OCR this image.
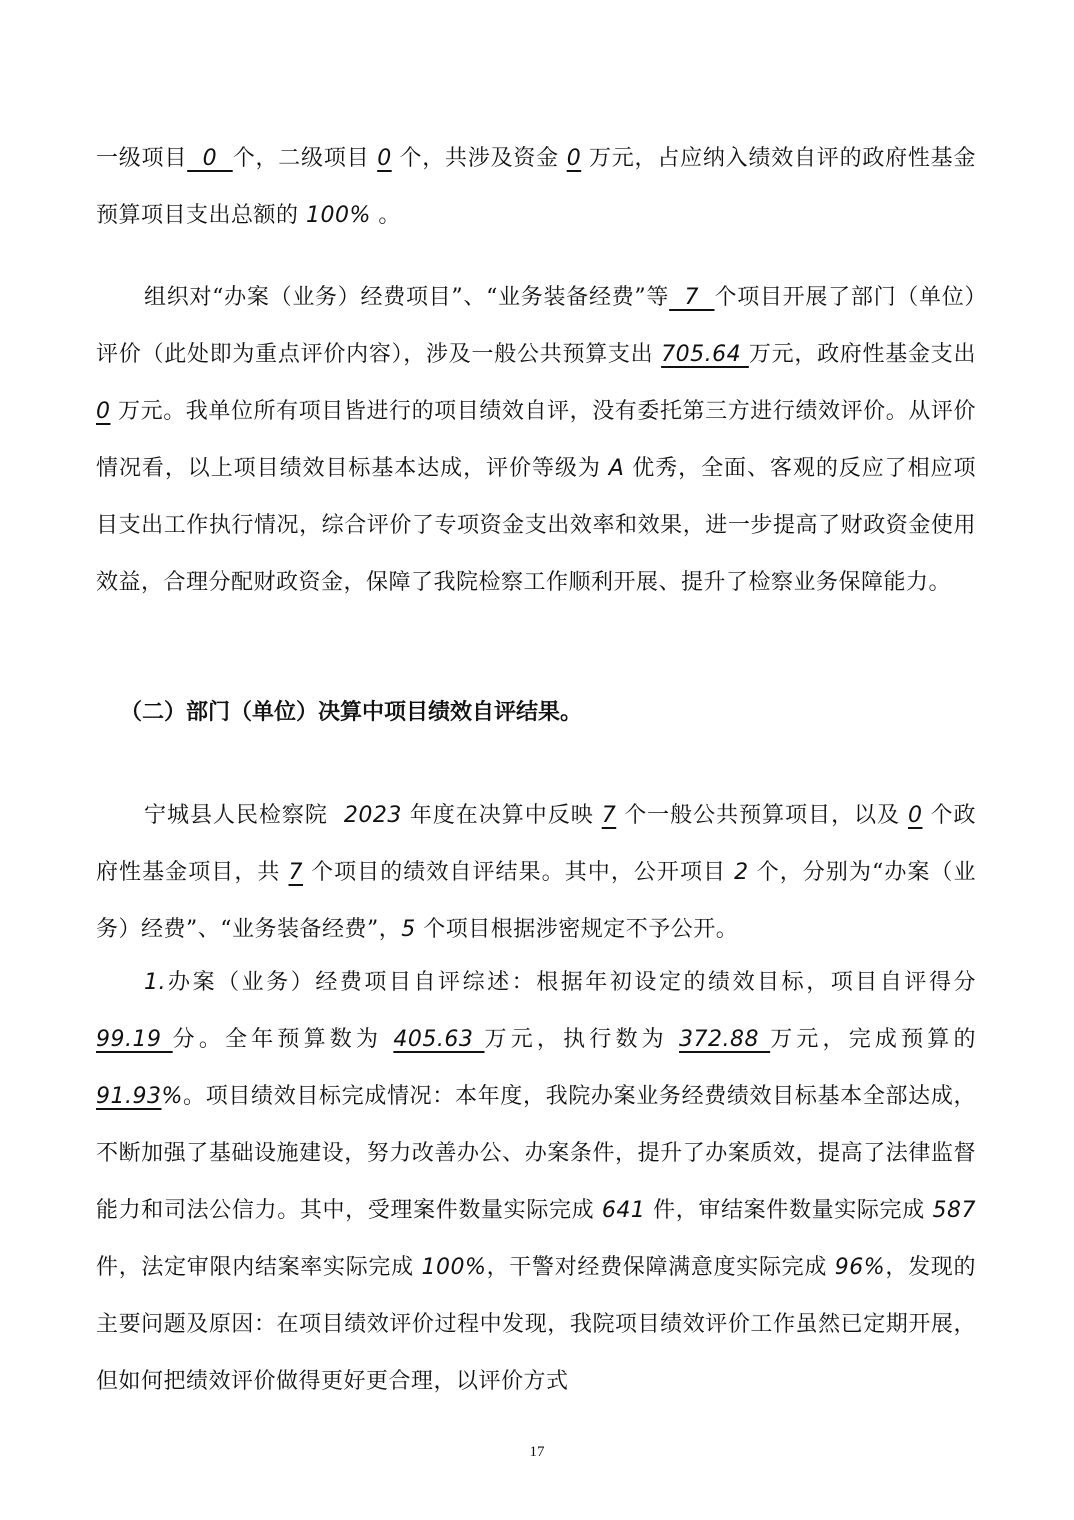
一级项目  0  个，二级项目 0 个，共涉及资金 0 万元，占应纳入绩效自评的政府性基金预算项目支出总额的 100% 。

组织对“办案（业务）经费项目”、“业务装备经费”等  7  个项目开展了部门（单位）评价（此处即为重点评价内容），涉及一般公共预算支出 705.64 万元，政府性基金支出 0 万元。我单位所有项目皆进行的项目绩效自评，没有委托第三方进行绩效评价。从评价情况看，以上项目绩效目标基本达成，评价等级为 A 优秀，全面、客观的反应了相应项目支出工作执行情况，综合评价了专项资金支出效率和效果，进一步提高了财政资金使用效益，合理分配财政资金，保障了我院检察工作顺利开展、提升了检察业务保障能力。

（二）部门（单位）决算中项目绩效自评结果。

宁城县人民检察院  2023 年度在决算中反映 7 个一般公共预算项目，以及 0 个政府性基金项目，共 7 个项目的绩效自评结果。其中，公开项目 2 个，分别为“办案（业务）经费”、“业务装备经费”，5 个项目根据涉密规定不予公开。

1.办案（业务）经费项目自评综述：根据年初设定的绩效目标，项目自评得分 99.19 分。全年预算数为 405.63 万元，执行数为 372.88 万元，完成预算的 91.93%。项目绩效目标完成情况：本年度，我院办案业务经费绩效目标基本全部达成，不断加强了基础设施建设，努力改善办公、办案条件，提升了办案质效，提高了法律监督能力和司法公信力。其中，受理案件数量实际完成 641 件，审结案件数量实际完成 587 件，法定审限内结案率实际完成 100%，干警对经费保障满意度实际完成 96%，发现的主要问题及原因：在项目绩效评价过程中发现，我院项目绩效评价工作虽然已定期开展，但如何把绩效评价做得更好更合理，以评价方式

17
